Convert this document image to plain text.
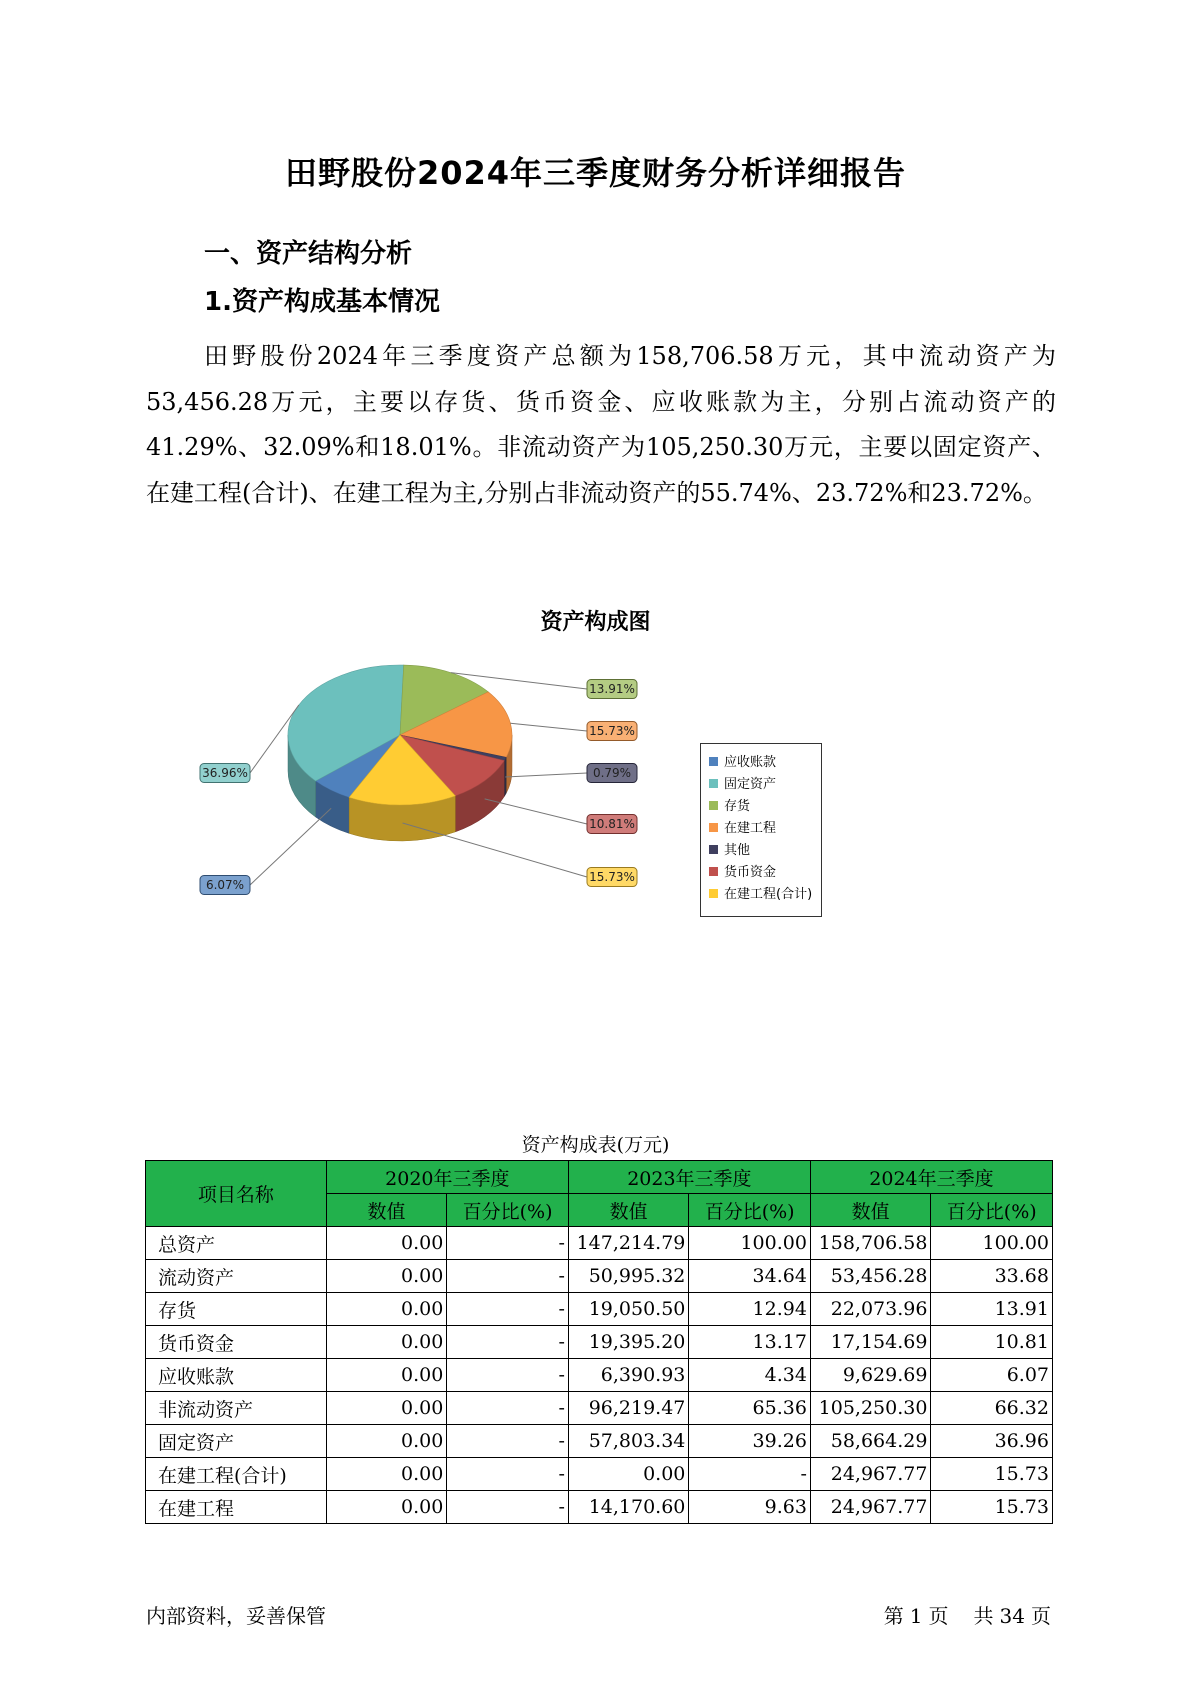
田野股份2024年三季度财务分析详细报告
一、资产结构分析
1.资产构成基本情况
田野股份2024年三季度资产总额为158,706.58万元，其中流动资产为53,456.28万元，主要以存货、货币资金、应收账款为主，分别占流动资产的41.29%、32.09%和18.01%。非流动资产为105,250.30万元，主要以固定资产、在建工程(合计)、在建工程为主,分别占非流动资产的55.74%、23.72%和23.72%。
资产构成图
6.07%
36.96%
13.91%
15.73%
0.79%
10.81%
15.73%
应收账款
固定资产
存货
在建工程
其他
货币资金
在建工程(合计)
资产构成表(万元)
项目名称	2020年三季度		2023年三季度		2024年三季度	
	数值	百分比(%)	数值	百分比(%)	数值	百分比(%)
总资产	0.00	-	147,214.79	100.00	158,706.58	100.00
流动资产	0.00	-	50,995.32	34.64	53,456.28	33.68
存货	0.00	-	19,050.50	12.94	22,073.96	13.91
货币资金	0.00	-	19,395.20	13.17	17,154.69	10.81
应收账款	0.00	-	6,390.93	4.34	9,629.69	6.07
非流动资产	0.00	-	96,219.47	65.36	105,250.30	66.32
固定资产	0.00	-	57,803.34	39.26	58,664.29	36.96
在建工程(合计)	0.00	-	0.00	-	24,967.77	15.73
在建工程	0.00	-	14,170.60	9.63	24,967.77	15.73
内部资料，妥善保管	第 1 页 共 34 页
